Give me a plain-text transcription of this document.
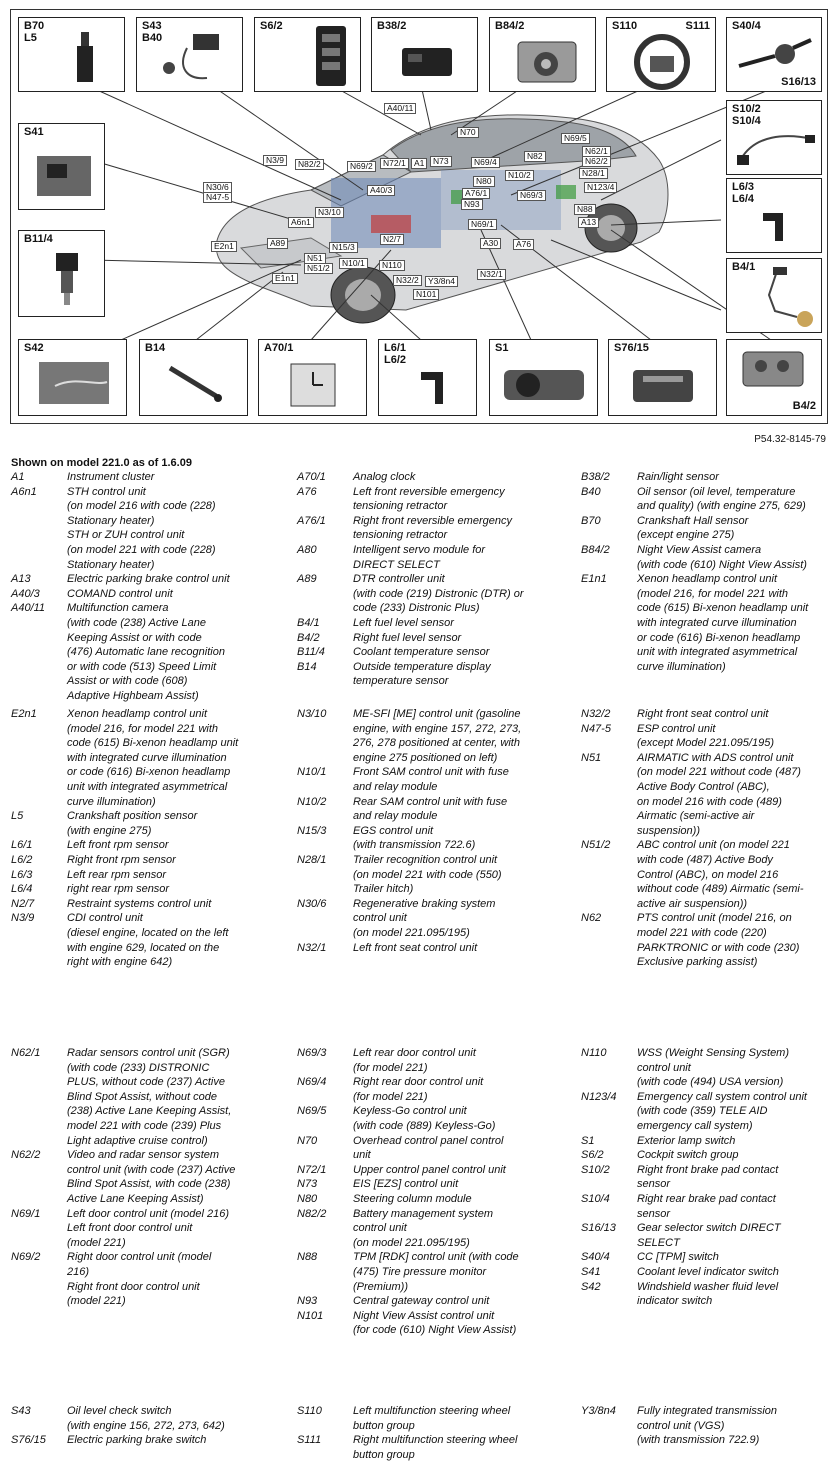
B70
L5
S43
B40
S6/2	B38/2	B84/2	S110	S111 S40/4
S16/13
S41
S10/2
S10/4
B11/4
L6/3
L6/4
B4/1
S42	B14	A70/1	L6/1
L6/2
S1	S76/15
B4/2
A40/11
N70
N3/9	N82/2	N69/2	N72/1 A1	N73	N69/4
N69/5
N62/1
N62/2
N82
N80
N10/2	N28/1
N30/6
N47-5
A40/3	A76/1	N69/3
N123/4
N3/10
N93	N88
A13
A6n1	N69/1
A30	A76
E2n1	A89	N15/3
N2/7
N51
N51/2	N10/1	N110
Y3/8n4
N32/1
N32/2
N101
E1n1
P54.32-8145-79
Shown on model 221.0 as of 1.6.09
A1	Instrument cluster
A6n1	STH control unit
(on model 216 with code (228)
Stationary heater)
STH or ZUH control unit
(on model 221 with code (228)
Stationary heater)
A13	Electric parking brake control unit
A40/3 COMAND control unit
A40/11 Multifunction camera
(with code (238) Active Lane
Keeping Assist or with code
(476) Automatic lane recognition
or with code (513) Speed Limit
Assist or with code (608)
Adaptive Highbeam Assist)
A70/1 Analog clock
A76	Left front reversible emergency
tensioning retractor
A76/1 Right front reversible emergency
tensioning retractor
A80	Intelligent servo module for
DIRECT SELECT
A89	DTR controller unit
(with code (219) Distronic (DTR) or
code (233) Distronic Plus)
B4/1	Left fuel level sensor
B4/2	Right fuel level sensor
B11/4	Coolant temperature sensor
B14	Outside temperature display
temperature sensor
B38/2 Rain/light sensor
B40	Oil sensor (oil level, temperature
and quality) (with engine 275, 629)
B70	Crankshaft Hall sensor
(except engine 275)
B84/2 Night View Assist camera
(with code (610) Night View Assist)
E1n1	Xenon headlamp control unit
(model 216, for model 221 with
code (615) Bi-xenon headlamp unit
with integrated curve illumination
or code (616) Bi-xenon headlamp
unit with integrated asymmetrical
curve illumination)
E2n1	Xenon headlamp control unit
(model 216, for model 221 with
code (615) Bi-xenon headlamp unit
with integrated curve illumination
or code (616) Bi-xenon headlamp
unit with integrated asymmetrical
curve illumination)
L5	Crankshaft position sensor
(with engine 275)
L6/1	Left front rpm sensor
L6/2	Right front rpm sensor
L6/3	Left rear rpm sensor
L6/4	right rear rpm sensor
N2/7	Restraint systems control unit
N3/9	CDI control unit
(diesel engine, located on the left
with engine 629, located on the
right with engine 642)
N3/10 ME-SFI [ME] control unit (gasoline
engine, with engine 157, 272, 273,
276, 278 positioned at center, with
engine 275 positioned on left)
N10/1 Front SAM control unit with fuse
and relay module
N10/2 Rear SAM control unit with fuse
and relay module
N15/3 EGS control unit
(with transmission 722.6)
N28/1 Trailer recognition control unit
(on model 221 with code (550)
Trailer hitch)
N30/6 Regenerative braking system
control unit
(on model 221.095/195)
N32/1 Left front seat control unit
N32/2 Right front seat control unit
N47-5 ESP control unit
(except Model 221.095/195)
N51	AIRMATIC with ADS control unit
(on model 221 without code (487)
Active Body Control (ABC),
on model 216 with code (489)
Airmatic (semi-active air
suspension))
N51/2 ABC control unit (on model 221
with code (487) Active Body
Control (ABC), on model 216
without code (489) Airmatic (semi-
active air suspension))
N62	PTS control unit (model 216, on
model 221 with code (220)
PARKTRONIC or with code (230)
Exclusive parking assist)
N62/1 Radar sensors control unit (SGR)
(with code (233) DISTRONIC
PLUS, without code (237) Active
Blind Spot Assist, without code
(238) Active Lane Keeping Assist,
model 221 with code (239) Plus
Light adaptive cruise control)
N62/2 Video and radar sensor system
control unit (with code (237) Active
Blind Spot Assist, with code (238)
Active Lane Keeping Assist)
N69/1 Left door control unit (model 216)
Left front door control unit
(model 221)
N69/2 Right door control unit (model
216)
Right front door control unit
(model 221)
N69/3 Left rear door control unit
(for model 221)
N69/4 Right rear door control unit
(for model 221)
N69/5 Keyless-Go control unit
(with code (889) Keyless-Go)
N70	Overhead control panel control
unit
N72/1 Upper control panel control unit
N73	EIS [EZS] control unit
N80	Steering column module
N82/2 Battery management system
control unit
(on model 221.095/195)
N88	TPM [RDK] control unit (with code
(475) Tire pressure monitor
(Premium))
N93	Central gateway control unit
N101	Night View Assist control unit
(for code (610) Night View Assist)
N110	WSS (Weight Sensing System)
control unit
(with code (494) USA version)
N123/4 Emergency call system control unit
(with code (359) TELE AID
emergency call system)
S1	Exterior lamp switch
S6/2	Cockpit switch group
S10/2 Right front brake pad contact
sensor
S10/4 Right rear brake pad contact
sensor
S16/13 Gear selector switch DIRECT
SELECT
S40/4 CC [TPM] switch
S41	Coolant level indicator switch
S42	Windshield washer fluid level
indicator switch
S43	Oil level check switch
(with engine 156, 272, 273, 642)
S76/15 Electric parking brake switch
S110	Left multifunction steering wheel
button group
S111	Right multifunction steering wheel
button group
Y3/8n4 Fully integrated transmission
control unit (VGS)
(with transmission 722.9)
